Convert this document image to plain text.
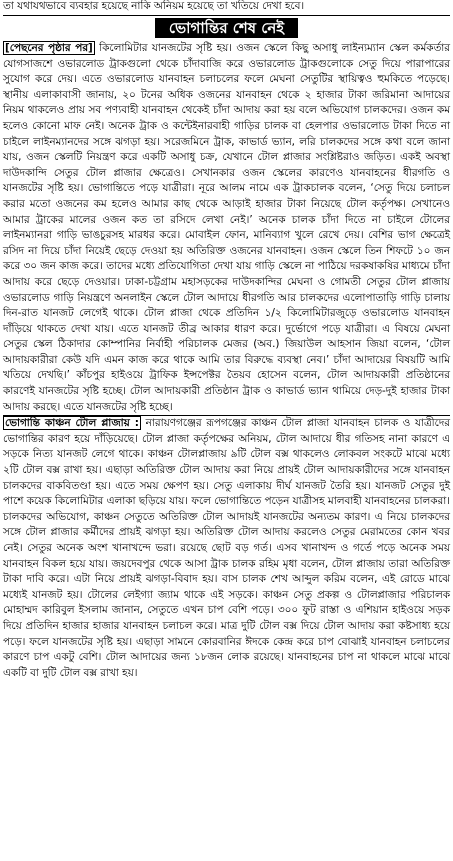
তা যথাযথভাবে ব্যবহার হয়েছে নাকি অনিয়ম হয়েছে তা খতিয়ে দেখা হবে।
ভোগান্তির শেষ নেই

[পেছনের পৃষ্ঠার পর] কিলোমিটার যানজটের সৃষ্টি হয়। ওজন স্কেলে কিছু অসাধু লাইন্যম্যান স্কেল কর্মকর্তার যোগসাজশে ওভারলোড ট্রাকগুলো থেকে চাঁদাবাজি করে ওভারলোড ট্রাকগুলোকে সেতু দিয়ে পারাপারের সুযোগ করে দেয়। এতে ওভারলোড যানবাহন চলাচলের ফলে মেঘনা সেতুটির স্থায়িত্বও হুমকিতে পড়েছে। স্থানীয় এলাকাবাসী জানায়, ২০ টনের অধিক ওজনের যানবাহন থেকে ২ হাজার টাকা জরিমানা আদায়ের নিয়ম থাকলেও প্রায় সব পণ্যবাহী যানবাহন থেকেই চাঁদা আদায় করা হয় বলে অভিযোগ চালকদের। ওজন কম হলেও কোনো মাফ নেই। অনেক ট্রাক ও কন্টেইনারবাহী গাড়ির চালক বা হেলপার ওভারলোড টাকা দিতে না চাইলে লাইনম্যানদের সঙ্গে ঝগড়া হয়। সরেজমিনে ট্রাক, কাভার্ড ভ্যান, লরি চালকদের সঙ্গে কথা বলে জানা যায়, ওজন স্কেলটি নিয়ন্ত্রণ করে একটি অসাধু চক্র, যেখানে টোল প্লাজার সংশ্লিষ্টরাও জড়িত। একই অবস্থা দাউদকান্দি সেতুর টোল প্লাজার ক্ষেত্রেও। সেখানকার ওজন স্কেলের কারণেও যানবাহনের ধীরগতি ও যানজটের সৃষ্টি হয়। ভোগান্তিতে পড়ে যাত্রীরা। নূরে আলম নামে এক ট্রাকচালক বলেন, ‘সেতু দিয়ে চলাচল করার মতো ওজনের কম হলেও আমার কাছ থেকে আড়াই হাজার টাকা নিয়েছে টোল কর্তৃপক্ষ। সেখানেও আমার ট্রাকের মালের ওজন কত তা রসিদে লেখা নেই।’ অনেক চালক চাঁদা দিতে না চাইলে টোলের লাইনম্যানরা গাড়ি ভাঙচুরসহ মারধর করে। মোবাইল ফোন, মানিব্যাগ খুলে রেখে দেয়। বেশির ভাগ ক্ষেত্রেই রসিদ না দিয়ে চাঁদা নিয়েই ছেড়ে দেওয়া হয় অতিরিক্ত ওজনের যানবাহন। ওজন স্কেলে তিন শিফটে ১০ জন করে ৩০ জন কাজ করে। তাদের মধ্যে প্রতিযোগিতা দেখা যায় গাড়ি স্কেলে না পাঠিয়ে দরকষাকষির মাধ্যমে চাঁদা আদায় করে ছেড়ে দেওয়ার। ঢাকা-চট্টগ্রাম মহাসড়কের দাউদকান্দির মেঘনা ও গোমতী সেতুর টোল প্লাজায় ওভারলোড গাড়ি নিয়ন্ত্রণে অনলাইন স্কেলে টোল আদায়ে ধীরগতি আর চালকদের এলোপাতাড়ি গাড়ি চালায় দিন-রাত যানজট লেগেই থাকে। টোল প্লাজা থেকে প্রতিদিন ১/২ কিলোমিটারজুড়ে ওভারলোড যানবাহন দাঁড়িয়ে থাকতে দেখা যায়। এতে যানজট তীব্র আকার ধারণ করে। দুর্ভোগে পড়ে যাত্রীরা। এ বিষয়ে মেঘনা সেতুর স্কেল ঠিকাদার কোম্পানির নির্বাহী পরিচালক মেজর (অব.) জিয়াউল আহসান জিয়া বলেন, ‘টোল আদায়কারীরা কেউ যদি এমন কাজ করে থাকে আমি তার বিরুদ্ধে ব্যবস্থা নেব।’ চাঁদা আদায়ের বিষয়টি আমি খতিয়ে দেখছি।’ কাঁচপুর হাইওয়ে ট্রাফিক ইন্সপেক্টর তৈয়ব হোসেন বলেন, টোল আদায়কারী প্রতিষ্ঠানের কারণেই যানজটের সৃষ্টি হচ্ছে। টোল আদায়কারী প্রতিষ্ঠান ট্রাক ও কাভার্ড ভ্যান থামিয়ে দেড়-দুই হাজার টাকা আদায় করছে। এতে যানজটের সৃষ্টি হচ্ছে।

ভোগান্তি কাঞ্চন টোল প্লাজায় : নারায়ণগঞ্জের রূপগঞ্জের কাঞ্চন টোল প্লাজা যানবাহন চালক ও যাত্রীদের ভোগান্তির কারণ হয়ে দাঁড়িয়েছে। টোল প্লাজা কর্তৃপক্ষের অনিয়ম, টোল আদায়ে ধীর গতিসহ নানা কারণে এ সড়কে নিত্য যানজট লেগে থাকে। কাঞ্চন টোলপ্লাজায় ৯টি টোল বক্স থাকলেও লোকবল সংকটে মাঝে মধ্যে ২টি টোল বক্স রাখা হয়। এছাড়া অতিরিক্ত টোল আদায় করা নিয়ে প্রায়ই টোল আদায়কারীদের সঙ্গে যানবাহন চালকদের বাকবিতণ্ডা হয়। এতে সময় ক্ষেপণ হয়। সেতু এলাকায় দীর্ঘ যানজট তৈরি হয়। যানজট সেতুর দুই পাশে কয়েক কিলোমিটার এলাকা ছড়িয়ে যায়। ফলে ভোগান্তিতে পড়েন যাত্রীসহ মালবাহী যানবাহনের চালকরা। চালকদের অভিযোগ, কাঞ্চন সেতুতে অতিরিক্ত টোল আদায়ই যানজটের অন্যতম কারণ। এ নিয়ে চালকদের সঙ্গে টোল প্লাজার কর্মীদের প্রায়ই ঝগড়া হয়। অতিরিক্ত টোল আদায় করলেও সেতুর মেরামতের কোন খবর নেই। সেতুর অনেক অংশ খানাখন্দে ভরা। রয়েছে ছোট বড় গর্ত। এসব খানাখন্দ ও গর্তে পড়ে অনেক সময় যানবাহন বিকল হয়ে যায়। জয়দেবপুর থেকে আসা ট্রাক চালক রহিম মৃধা বলেন, টোল প্লাজায় তারা অতিরিক্ত টাকা দাবি করে। এটা নিয়ে প্রায়ই ঝগড়া-বিবাদ হয়। বাস চালক শেখ আব্দুল করিম বলেন, এই রোডে মাঝে মধ্যেই যানজট হয়। টোলের লেইগ্যা জ্যাম থাকে এই সড়কে। কাঞ্চন সেতু প্রকল্প ও টোলপ্লাজার পরিচালক মোহাম্মদ কারিবুল ইসলাম জানান, সেতুতে এখন চাপ বেশি পড়ে। ৩০০ ফুট রাস্তা ও এশিয়ান হাইওয়ে সড়ক দিয়ে প্রতিদিন হাজার হাজার যানবাহন চলাচল করে। মাত্র দুটি টোল বক্স দিয়ে টোল আদায় করা কষ্টসাধ্য হয়ে পড়ে। ফলে যানজটের সৃষ্টি হয়। এছাড়া সামনে কোরবানির ঈদকে কেন্দ্র করে চাপ বোঝাই যানবাহন চলাচলের কারণে চাপ একটু বেশি। টোল আদায়ের জন্য ১৮জন লোক রয়েছে। যানবাহনের চাপ না থাকলে মাঝে মাঝে একটি বা দুটি টোল বক্স রাখা হয়।
